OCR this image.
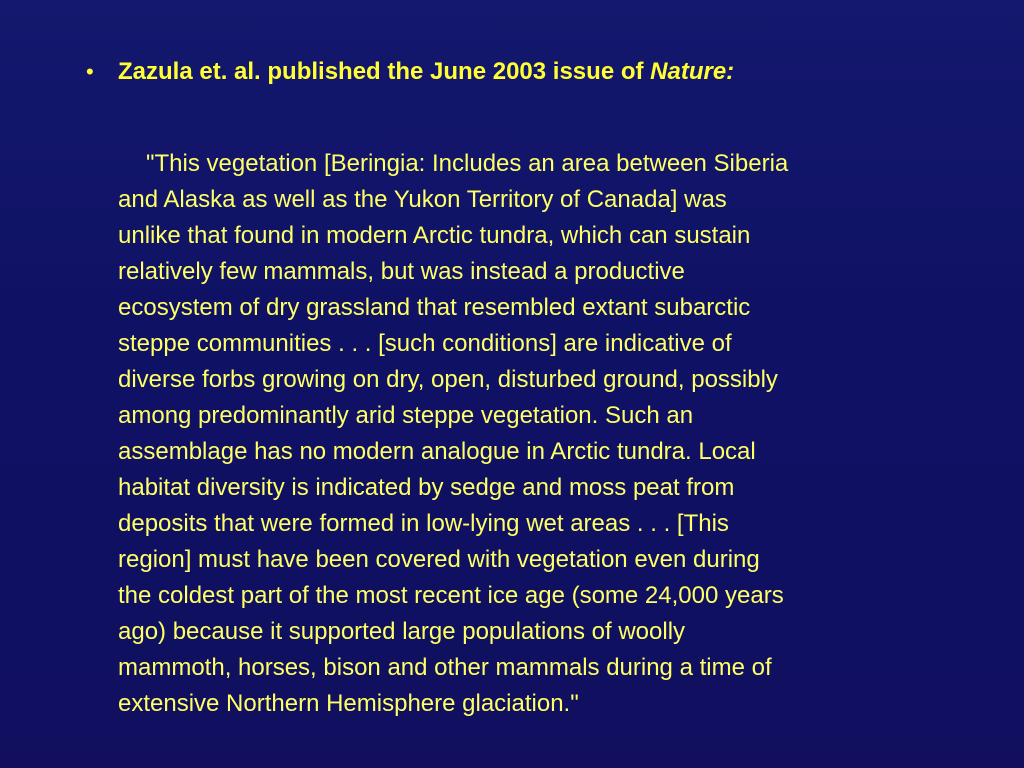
• Zazula et. al. published the June 2003 issue of Nature:
"This vegetation [Beringia: Includes an area between Siberia
and Alaska as well as the Yukon Territory of Canada] was
unlike that found in modern Arctic tundra, which can sustain
relatively few mammals, but was instead a productive
ecosystem of dry grassland that resembled extant subarctic
steppe communities . . . [such conditions] are indicative of
diverse forbs growing on dry, open, disturbed ground, possibly
among predominantly arid steppe vegetation. Such an
assemblage has no modern analogue in Arctic tundra. Local
habitat diversity is indicated by sedge and moss peat from
deposits that were formed in low-lying wet areas . . . [This
region] must have been covered with vegetation even during
the coldest part of the most recent ice age (some 24,000 years
ago) because it supported large populations of woolly
mammoth, horses, bison and other mammals during a time of
extensive Northern Hemisphere glaciation."
